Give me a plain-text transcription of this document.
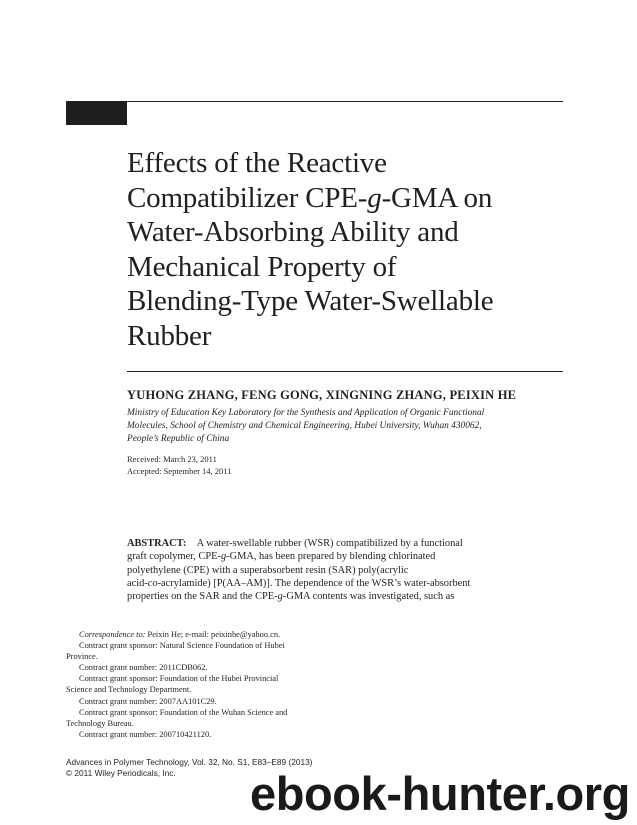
Effects of the Reactive
Compatibilizer CPE-g-GMA on
Water-Absorbing Ability and
Mechanical Property of
Blending-Type Water-Swellable
Rubber
YUHONG ZHANG, FENG GONG, XINGNING ZHANG, PEIXIN HE
Ministry of Education Key Laboratory for the Synthesis and Application of Organic Functional
Molecules, School of Chemistry and Chemical Engineering, Hubei University, Wuhan 430062,
People’s Republic of China
Received: March 23, 2011
Accepted: September 14, 2011
ABSTRACT: A water-swellable rubber (WSR) compatibilized by a functional
graft copolymer, CPE-g-GMA, has been prepared by blending chlorinated
polyethylene (CPE) with a superabsorbent resin (SAR) poly(acrylic
acid-co-acrylamide) [P(AA–AM)]. The dependence of the WSR’s water-absorbent
properties on the SAR and the CPE-g-GMA contents was investigated, such as
Correspondence to: Peixin He; e-mail: peixinhe@yahoo.cn.
Contract grant sponsor: Natural Science Foundation of Hubei
Province.
Contract grant number: 2011CDB062.
Contract grant sponsor: Foundation of the Hubei Provincial
Science and Technology Department.
Contract grant number: 2007AA101C29.
Contract grant sponsor: Foundation of the Wuhan Science and
Technology Bureau.
Contract grant number: 200710421120.
Advances in Polymer Technology, Vol. 32, No. S1, E83–E89 (2013)
© 2011 Wiley Periodicals, Inc.	ebook-hunter.org
